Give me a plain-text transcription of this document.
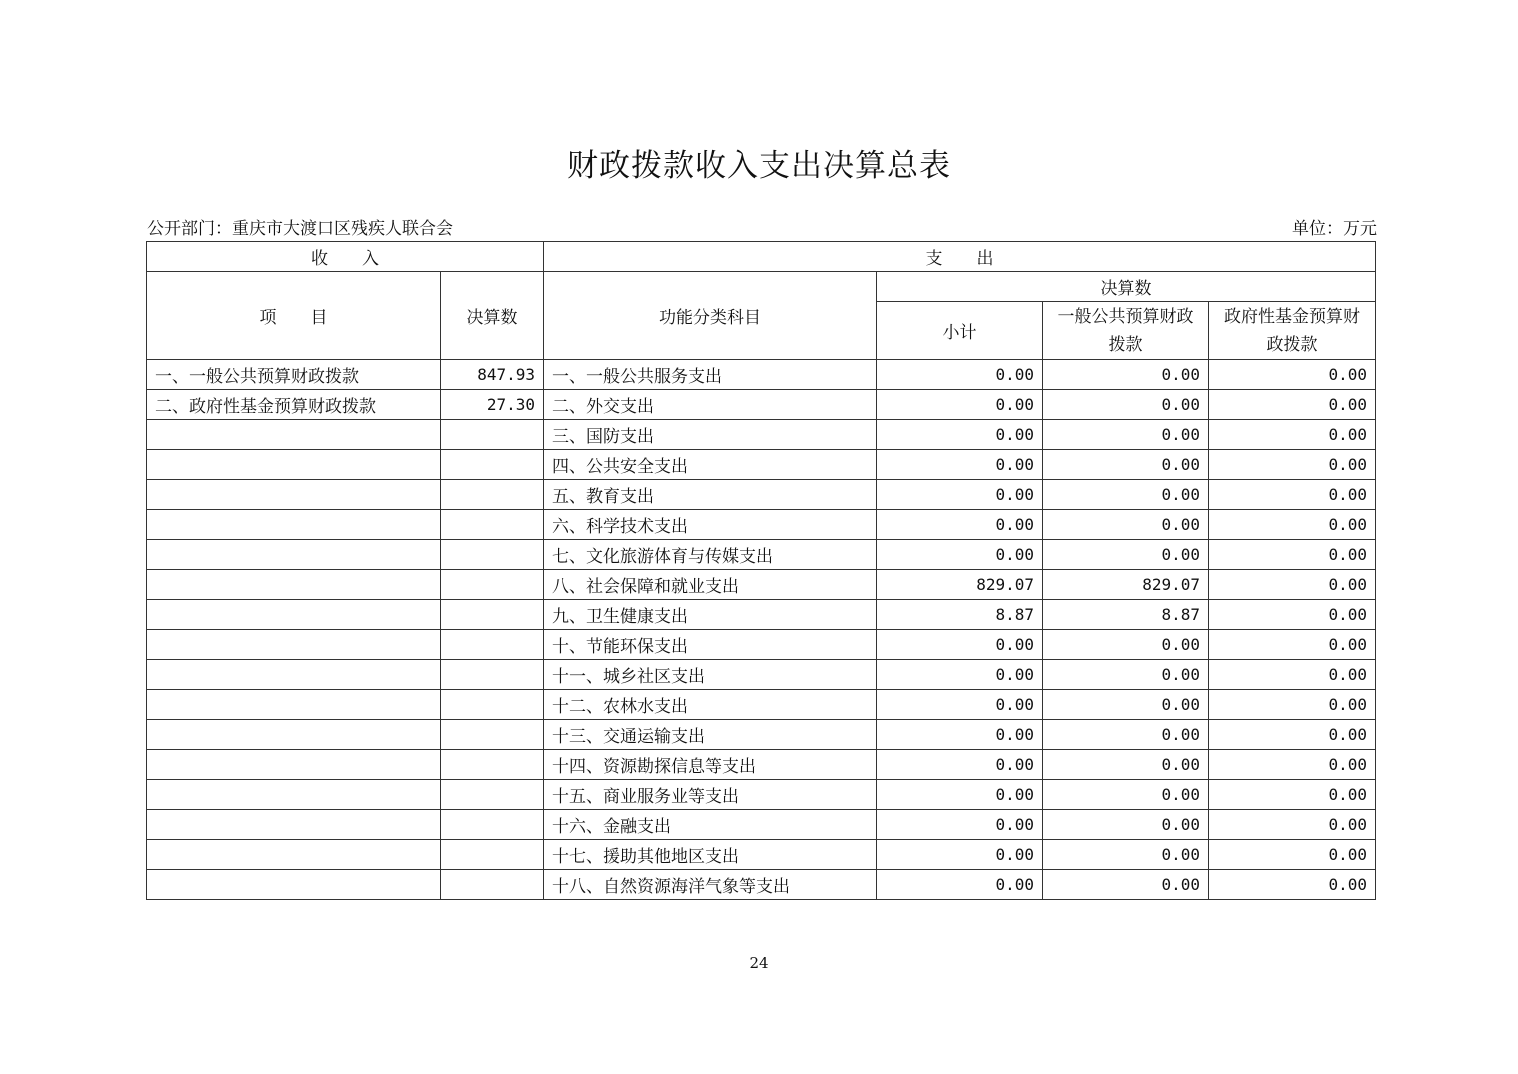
财政拨款收入支出决算总表
公开部门：重庆市大渡口区残疾人联合会	单位：万元
收　　入		支　　出			
项　　目	决算数	功能分类科目	决算数		
			小计	一般公共预算财政拨款	政府性基金预算财政拨款
一、一般公共预算财政拨款	847.93	一、一般公共服务支出	0.00	0.00	0.00
二、政府性基金预算财政拨款	27.30	二、外交支出	0.00	0.00	0.00
		三、国防支出	0.00	0.00	0.00
		四、公共安全支出	0.00	0.00	0.00
		五、教育支出	0.00	0.00	0.00
		六、科学技术支出	0.00	0.00	0.00
		七、文化旅游体育与传媒支出	0.00	0.00	0.00
		八、社会保障和就业支出	829.07	829.07	0.00
		九、卫生健康支出	8.87	8.87	0.00
		十、节能环保支出	0.00	0.00	0.00
		十一、城乡社区支出	0.00	0.00	0.00
		十二、农林水支出	0.00	0.00	0.00
		十三、交通运输支出	0.00	0.00	0.00
		十四、资源勘探信息等支出	0.00	0.00	0.00
		十五、商业服务业等支出	0.00	0.00	0.00
		十六、金融支出	0.00	0.00	0.00
		十七、援助其他地区支出	0.00	0.00	0.00
		十八、自然资源海洋气象等支出	0.00	0.00	0.00
24
